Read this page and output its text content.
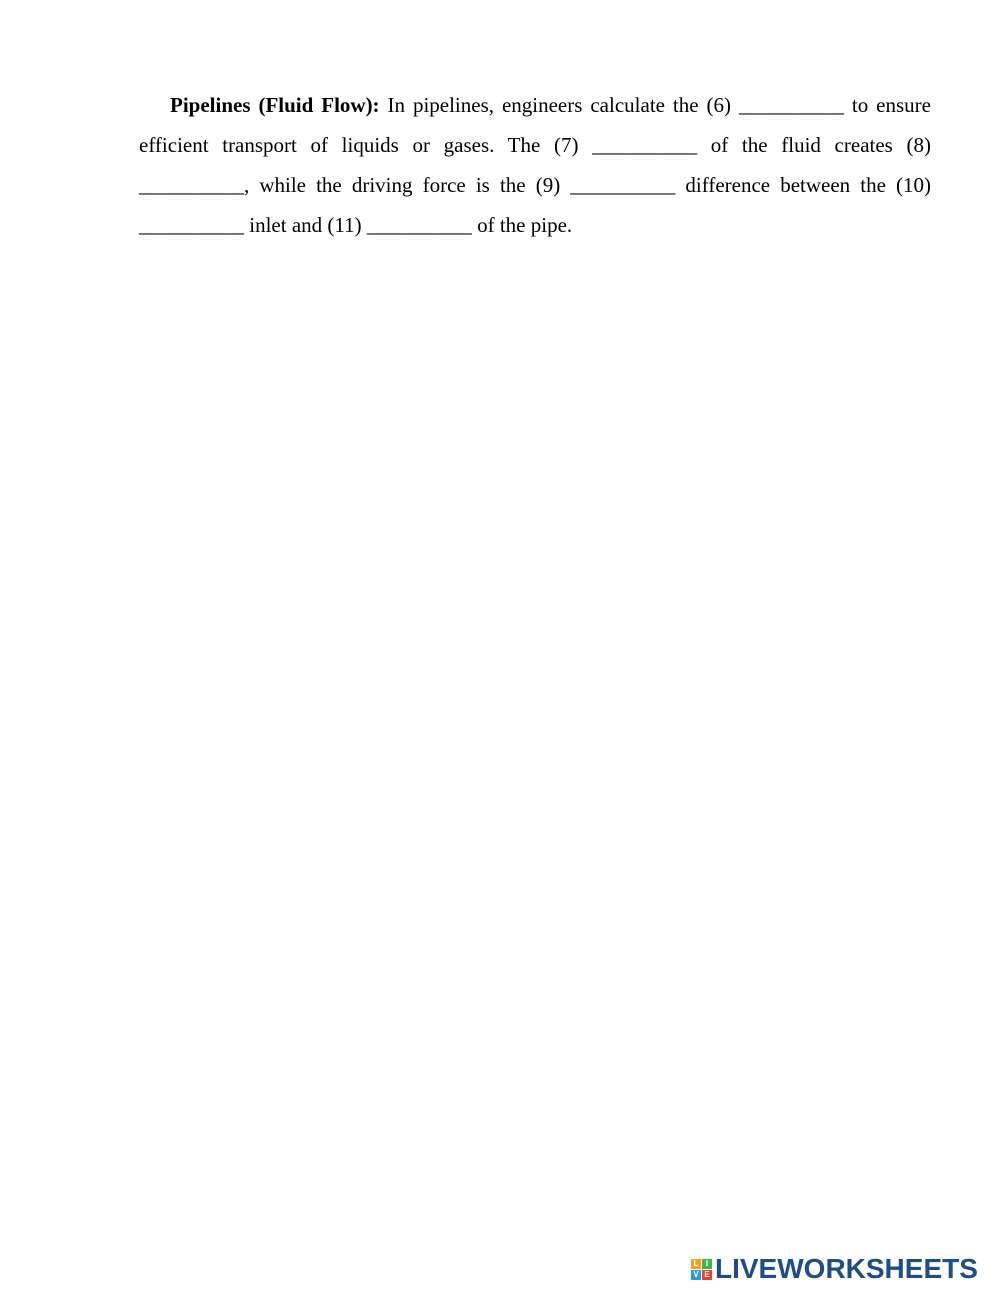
Pipelines (Fluid Flow): In pipelines, engineers calculate the (6) __________ to ensure efficient transport of liquids or gases. The (7) __________ of the fluid creates (8) __________, while the driving force is the (9) __________ difference between the (10) __________ inlet and (11) __________ of the pipe.

L I
V E LIVEWORKSHEETS
